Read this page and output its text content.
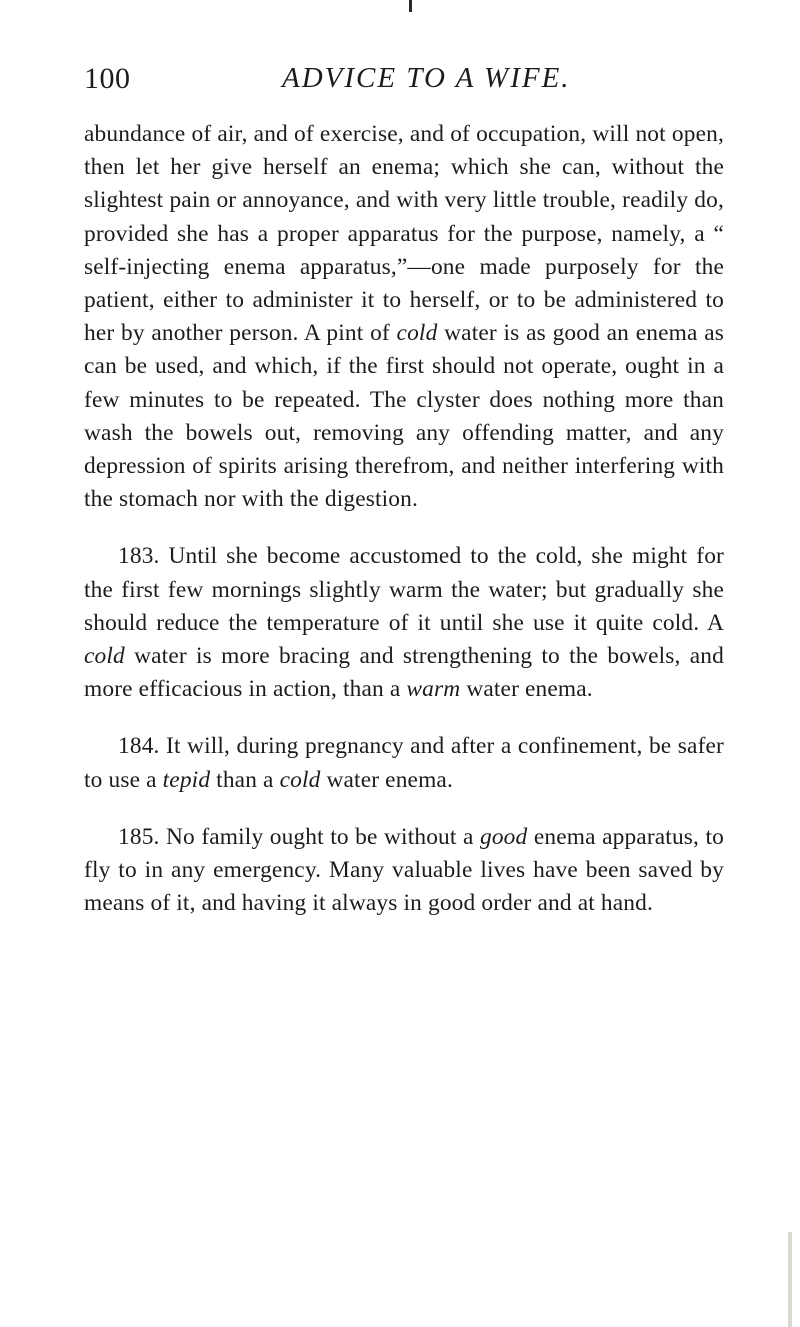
100	ADVICE TO A WIFE.

abundance of air, and of exercise, and of occupation, will not open, then let her give herself an enema; which she can, without the slightest pain or annoyance, and with very little trouble, readily do, provided she has a proper apparatus for the purpose, namely, a “ self-injecting enema apparatus,”—one made purposely for the patient, either to administer it to herself, or to be administered to her by another person. A pint of cold water is as good an enema as can be used, and which, if the first should not operate, ought in a few minutes to be repeated. The clyster does nothing more than wash the bowels out, removing any offending matter, and any depression of spirits arising therefrom, and neither interfering with the stomach nor with the digestion.

183. Until she become accustomed to the cold, she might for the first few mornings slightly warm the water; but gradually she should reduce the temperature of it until she use it quite cold. A cold water is more bracing and strengthening to the bowels, and more efficacious in action, than a warm water enema.

184. It will, during pregnancy and after a confinement, be safer to use a tepid than a cold water enema.

185. No family ought to be without a good enema apparatus, to fly to in any emergency. Many valuable lives have been saved by means of it, and having it always in good order and at hand.
